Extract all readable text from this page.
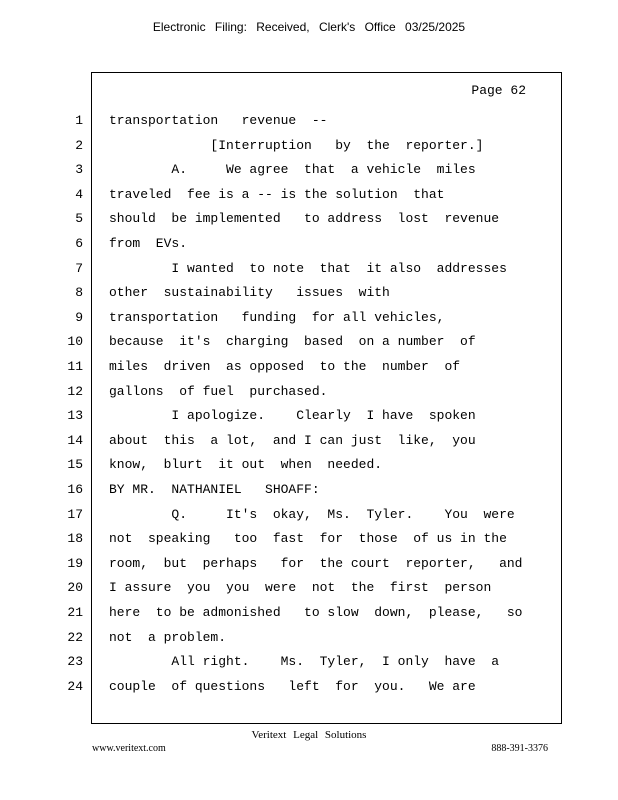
Electronic Filing: Received, Clerk's Office 03/25/2025
Page 62
1 transportation   revenue  --
2 [Interruption   by  the  reporter.]
3 A.     We agree  that  a vehicle  miles
4 traveled  fee is a -- is the solution  that
5 should  be implemented   to address  lost  revenue
6 from  EVs.
7 I wanted  to note  that  it also  addresses
8 other  sustainability   issues  with
9 transportation   funding  for all vehicles,
10 because  it's  charging  based  on a number  of
11 miles  driven  as opposed  to the  number  of
12 gallons  of fuel  purchased.
13 I apologize.    Clearly  I have  spoken
14 about  this  a lot,  and I can just  like,  you
15 know,  blurt  it out  when  needed.
16 BY MR.  NATHANIEL   SHOAFF:
17 Q.     It's  okay,  Ms.  Tyler.    You  were
18 not  speaking   too  fast  for  those  of us in the
19 room,  but  perhaps   for  the court  reporter,   and
20 I assure  you  you  were  not  the  first  person
21 here  to be admonished   to slow  down,  please,   so
22 not  a problem.
23 All right.    Ms.  Tyler,  I only  have  a
24 couple  of questions   left  for  you.   We are
Veritext Legal Solutions
www.veritext.com	888-391-3376
